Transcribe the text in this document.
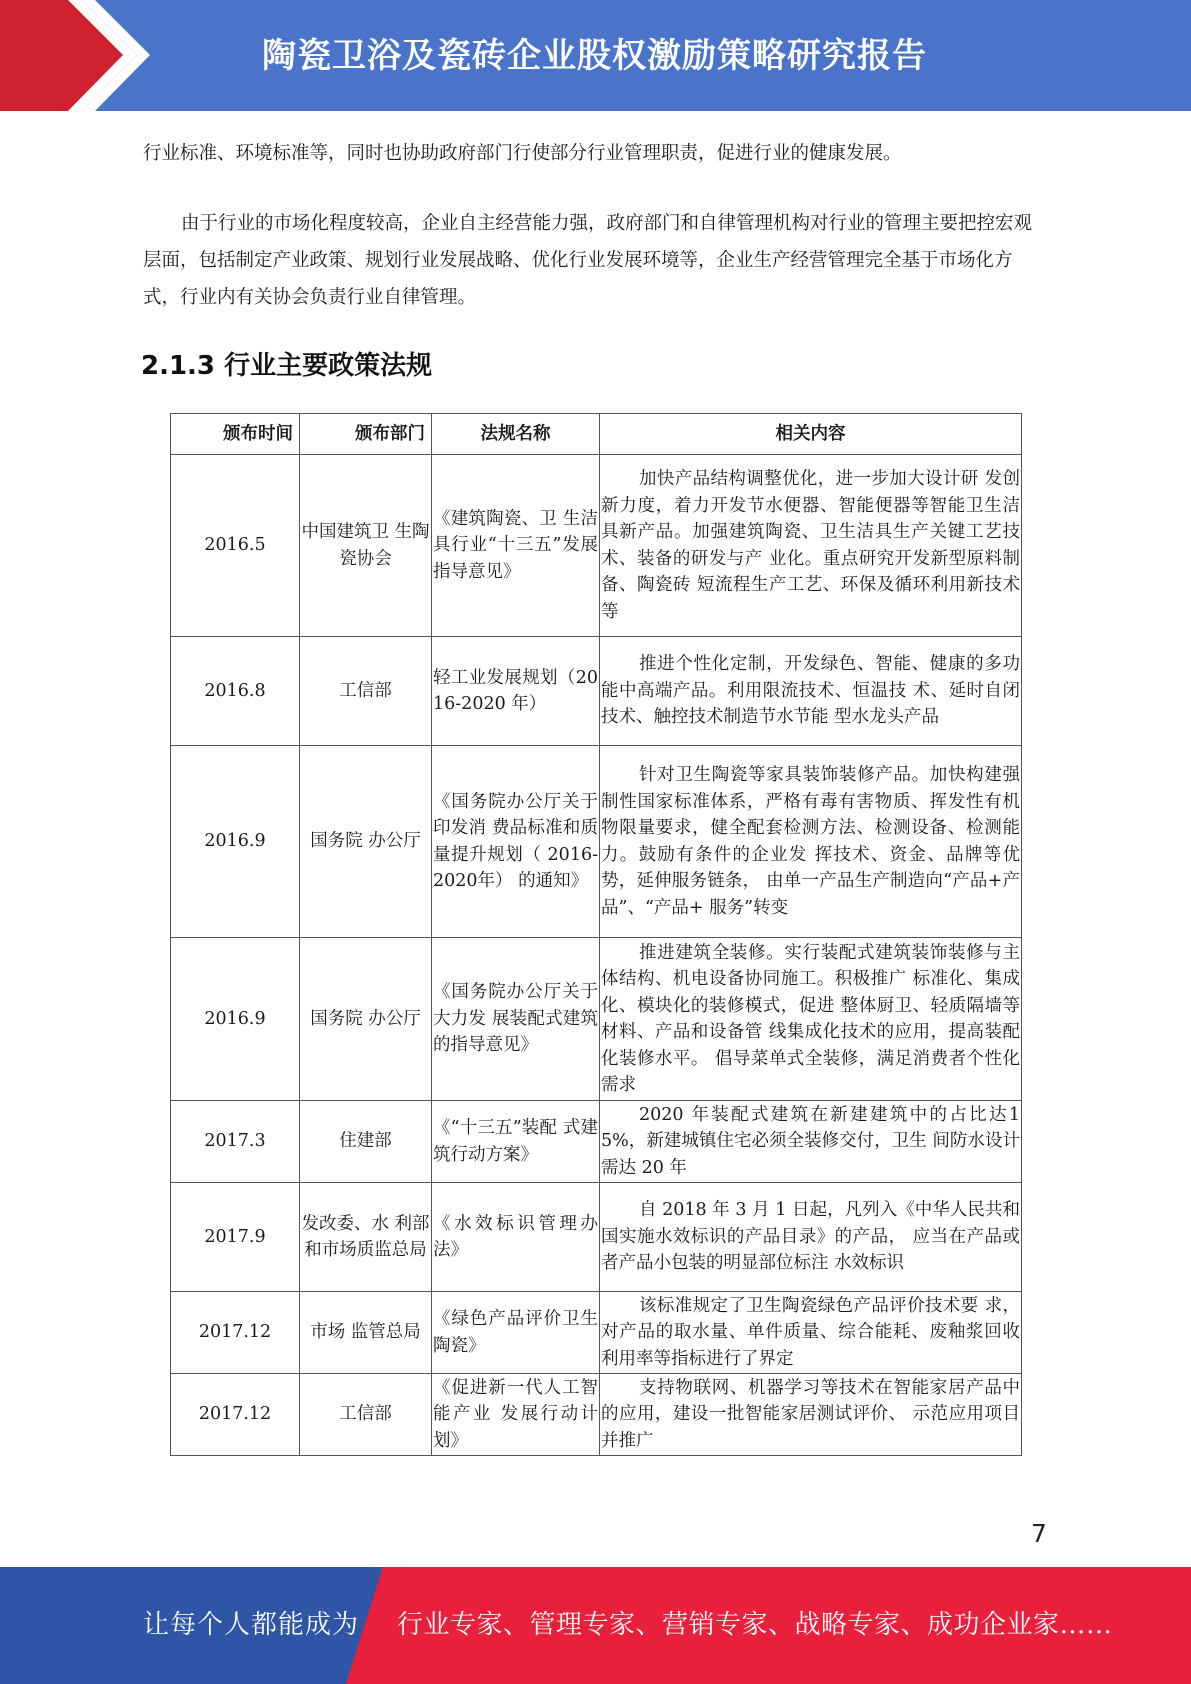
陶瓷卫浴及瓷砖企业股权激励策略研究报告
行业标准、环境标准等，同时也协助政府部门行使部分行业管理职责，促进行业的健康发展。
由于行业的市场化程度较高，企业自主经营能力强，政府部门和自律管理机构对行业的管理主要把控宏观层面，包括制定产业政策、规划行业发展战略、优化行业发展环境等，企业生产经营管理完全基于市场化方式，行业内有关协会负责行业自律管理。
2.1.3 行业主要政策法规
颁布时间	颁布部门	法规名称	相关内容
2016.5	中国建筑卫 生陶瓷协会	《建筑陶瓷、卫 生洁具行业“十三五”发展指导意见》	加快产品结构调整优化，进一步加大设计研 发创新力度，着力开发节水便器、智能便器等智能卫生洁具新产品。加强建筑陶瓷、卫生洁具生产关键工艺技术、装备的研发与产 业化。重点研究开发新型原料制备、陶瓷砖 短流程生产工艺、环保及循环利用新技术等
2016.8	工信部	轻工业发展规划（2016-2020 年）	推进个性化定制，开发绿色、智能、健康的多功能中高端产品。利用限流技术、恒温技 术、延时自闭技术、触控技术制造节水节能 型水龙头产品
2016.9	国务院 办公厅	《国务院办公厅关于印发消 费品标准和质 量提升规划（ 2016-2020年） 的通知》	针对卫生陶瓷等家具装饰装修产品。加快构建强制性国家标准体系，严格有毒有害物质、挥发性有机物限量要求，健全配套检测方法、检测设备、检测能力。鼓励有条件的企业发 挥技术、资金、品牌等优势，延伸服务链条， 由单一产品生产制造向“产品+产品”、“产品+ 服务”转变
2016.9	国务院 办公厅	《国务院办公厅关于大力发 展装配式建筑 的指导意见》	推进建筑全装修。实行装配式建筑装饰装修与主体结构、机电设备协同施工。积极推广 标准化、集成化、模块化的装修模式，促进 整体厨卫、轻质隔墙等材料、产品和设备管 线集成化技术的应用，提高装配化装修水平。 倡导菜单式全装修，满足消费者个性化需求
2017.3	住建部	《“十三五”装配 式建筑行动方案》	2020 年装配式建筑在新建建筑中的占比达15%，新建城镇住宅必须全装修交付，卫生 间防水设计需达 20 年
2017.9	发改委、水 利部和市场质监总局	《水效标识管理办法》	自 2018 年 3 月 1 日起，凡列入《中华人民共和国实施水效标识的产品目录》的产品， 应当在产品或者产品小包装的明显部位标注 水效标识
2017.12	市场 监管总局	《绿色产品评价卫生陶瓷》	该标准规定了卫生陶瓷绿色产品评价技术要 求，对产品的取水量、单件质量、综合能耗、废釉浆回收利用率等指标进行了界定
2017.12	工信部	《促进新一代人工智能产业 发展行动计划》	支持物联网、机器学习等技术在智能家居产品中的应用，建设一批智能家居测试评价、 示范应用项目并推广
7
让每个人都能成为 行业专家、管理专家、营销专家、战略专家、成功企业家……
